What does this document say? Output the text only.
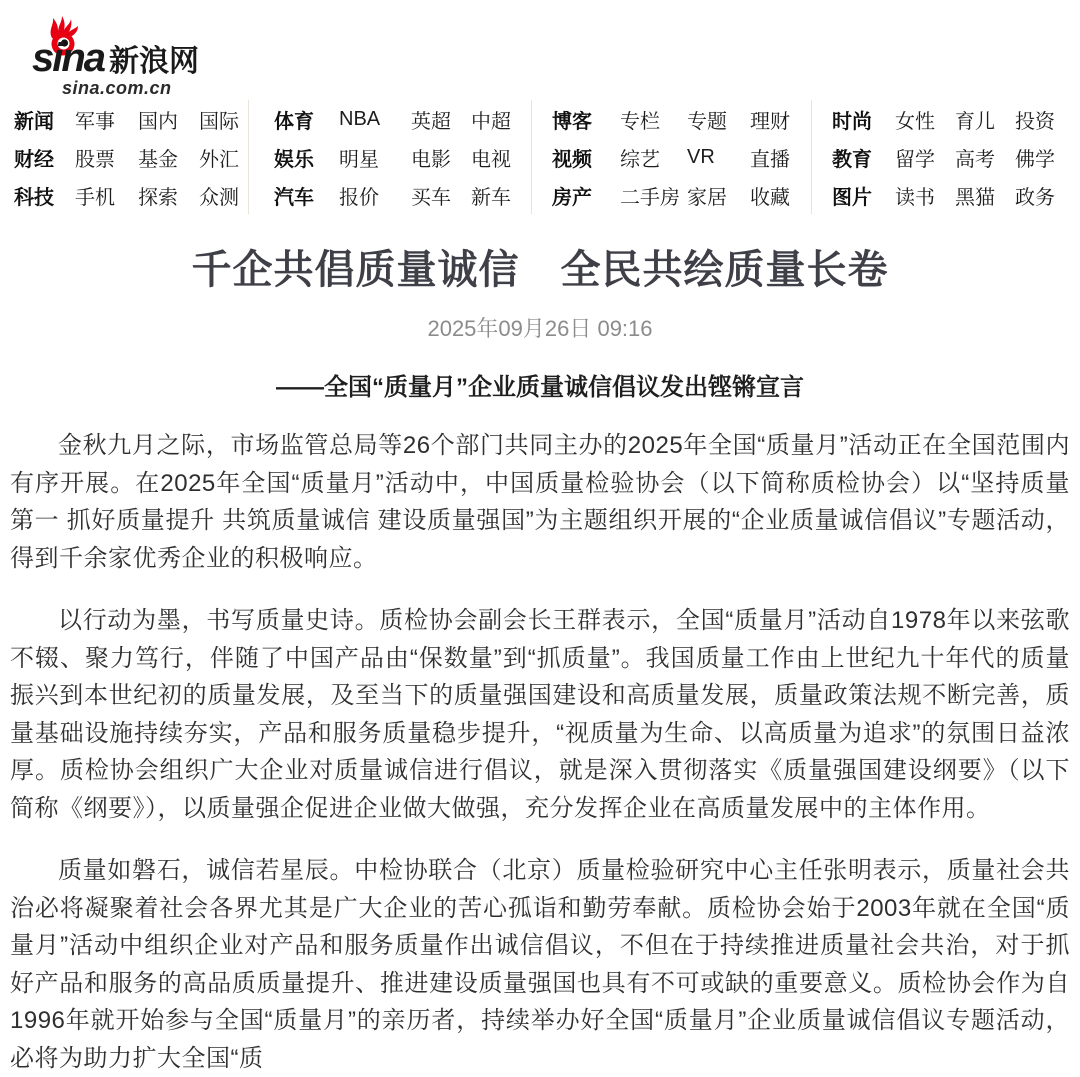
sina 新浪网
sina.com.cn
新闻	军事	国内	国际
财经	股票	基金	外汇
科技	手机	探索	众测
体育	NBA	英超	中超
娱乐	明星	电影	电视
汽车	报价	买车	新车
博客	专栏	专题	理财
视频	综艺	VR	直播
房产	二手房 家居	收藏
时尚	女性	育儿	投资
教育	留学	高考	佛学
图片	读书	黑猫	政务
千企共倡质量诚信　全民共绘质量长卷
2025年09月26日 09:16
——全国“质量月”企业质量诚信倡议发出铿锵宣言

金秋九月之际，市场监管总局等26个部门共同主办的2025年全国“质量月”活动正在全国范围内有序开展。在2025年全国“质量月”活动中，中国质量检验协会（以下简称质检协会）以“坚持质量第一 抓好质量提升 共筑质量诚信 建设质量强国”为主题组织开展的“企业质量诚信倡议”专题活动，得到千余家优秀企业的积极响应。

以行动为墨，书写质量史诗。质检协会副会长王群表示，全国“质量月”活动自1978年以来弦歌不辍、聚力笃行，伴随了中国产品由“保数量”到“抓质量”。我国质量工作由上世纪九十年代的质量振兴到本世纪初的质量发展，及至当下的质量强国建设和高质量发展，质量政策法规不断完善，质量基础设施持续夯实，产品和服务质量稳步提升，“视质量为生命、以高质量为追求”的氛围日益浓厚。质检协会组织广大企业对质量诚信进行倡议，就是深入贯彻落实《质量强国建设纲要》（以下简称《纲要》），以质量强企促进企业做大做强，充分发挥企业在高质量发展中的主体作用。

质量如磐石，诚信若星辰。中检协联合（北京）质量检验研究中心主任张明表示，质量社会共治必将凝聚着社会各界尤其是广大企业的苦心孤诣和勤劳奉献。质检协会始于2003年就在全国“质量月”活动中组织企业对产品和服务质量作出诚信倡议，不但在于持续推进质量社会共治，对于抓好产品和服务的高品质质量提升、推进建设质量强国也具有不可或缺的重要意义。质检协会作为自1996年就开始参与全国“质量月”的亲历者，持续举办好全国“质量月”企业质量诚信倡议专题活动，必将为助力扩大全国“质
